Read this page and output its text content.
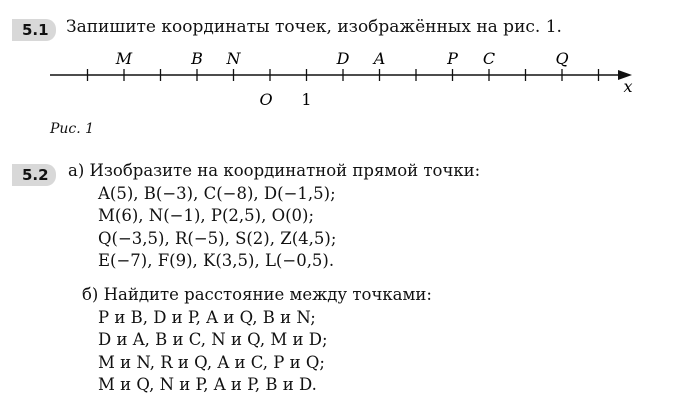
5.1	Запишите координаты точек, изображённых на рис. 1.
M	B N	D A	P C	Q
O 1
x
Рис. 1
5.2	а) Изобразите на координатной прямой точки:
A(5), B(−3), C(−8), D(−1,5);
M(6), N(−1), P(2,5), O(0);
Q(−3,5), R(−5), S(2), Z(4,5);
E(−7), F(9), K(3,5), L(−0,5).
б) Найдите расстояние между точками:
P и B, D и P, A и Q, B и N;
D и A, B и C, N и Q, M и D;
M и N, R и Q, A и C, P и Q;
M и Q, N и P, A и P, B и D.
